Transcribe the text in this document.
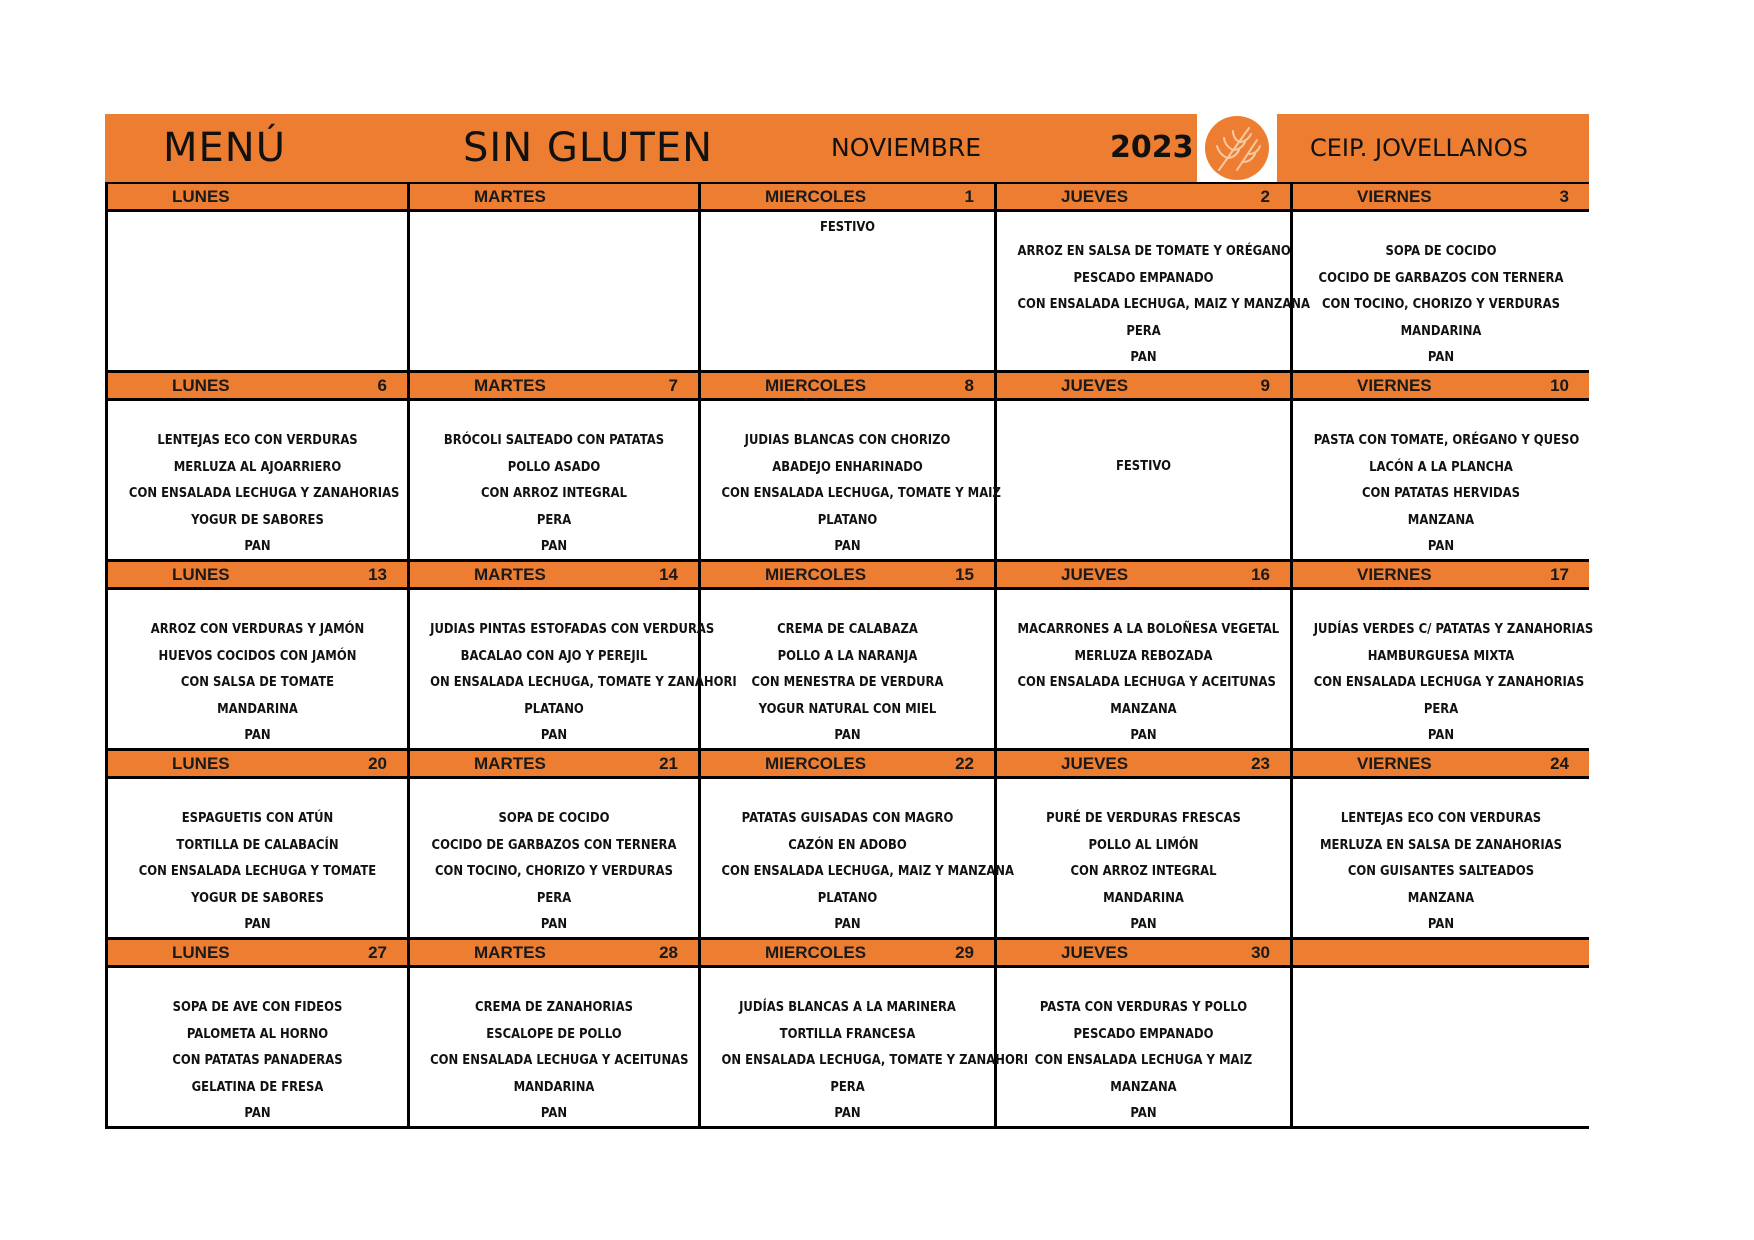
MENÚ	SIN GLUTEN	NOVIEMBRE	2023	CEIP. JOVELLANOS
LUNES	MARTES	MIERCOLES	1
FESTIVO
JUEVES	2
ARROZ EN SALSA DE TOMATE Y ORÉGANO
PESCADO EMPANADO
CON ENSALADA LECHUGA, MAIZ Y MANZANA
PERA
PAN
VIERNES	3
SOPA DE COCIDO
COCIDO DE GARBAZOS CON TERNERA
CON TOCINO, CHORIZO Y VERDURAS
MANDARINA
PAN
LUNES	6
LENTEJAS ECO CON VERDURAS
MERLUZA AL AJOARRIERO
CON ENSALADA LECHUGA Y ZANAHORIAS
YOGUR DE SABORES
PAN
MARTES	7
BRÓCOLI SALTEADO CON PATATAS
POLLO ASADO
CON ARROZ INTEGRAL
PERA
PAN
MIERCOLES	8
JUDIAS BLANCAS CON CHORIZO
ABADEJO ENHARINADO
CON ENSALADA LECHUGA, TOMATE Y MAIZ
PLATANO
PAN
JUEVES	9
FESTIVO
VIERNES	10
PASTA CON TOMATE, ORÉGANO Y QUESO
LACÓN A LA PLANCHA
CON PATATAS HERVIDAS
MANZANA
PAN
LUNES	13
ARROZ CON VERDURAS Y JAMÓN
HUEVOS COCIDOS CON JAMÓN
CON SALSA DE TOMATE
MANDARINA
PAN
MARTES	14
JUDIAS PINTAS ESTOFADAS CON VERDURAS
BACALAO CON AJO Y PEREJIL
ON ENSALADA LECHUGA, TOMATE Y ZANAHORI
PLATANO
PAN
MIERCOLES	15
CREMA DE CALABAZA
POLLO A LA NARANJA
CON MENESTRA DE VERDURA
YOGUR NATURAL CON MIEL
PAN
JUEVES	16
MACARRONES A LA BOLOÑESA VEGETAL
MERLUZA REBOZADA
CON ENSALADA LECHUGA Y ACEITUNAS
MANZANA
PAN
VIERNES	17
JUDÍAS VERDES C/ PATATAS Y ZANAHORIAS
HAMBURGUESA MIXTA
CON ENSALADA LECHUGA Y ZANAHORIAS
PERA
PAN
LUNES	20
ESPAGUETIS CON ATÚN
TORTILLA DE CALABACÍN
CON ENSALADA LECHUGA Y TOMATE
YOGUR DE SABORES
PAN
MARTES	21
SOPA DE COCIDO
COCIDO DE GARBAZOS CON TERNERA
CON TOCINO, CHORIZO Y VERDURAS
PERA
PAN
MIERCOLES	22
PATATAS GUISADAS CON MAGRO
CAZÓN EN ADOBO
CON ENSALADA LECHUGA, MAIZ Y MANZANA
PLATANO
PAN
JUEVES	23
PURÉ DE VERDURAS FRESCAS
POLLO AL LIMÓN
CON ARROZ INTEGRAL
MANDARINA
PAN
VIERNES	24
LENTEJAS ECO CON VERDURAS
MERLUZA EN SALSA DE ZANAHORIAS
CON GUISANTES SALTEADOS
MANZANA
PAN
LUNES	27
SOPA DE AVE CON FIDEOS
PALOMETA AL HORNO
CON PATATAS PANADERAS
GELATINA DE FRESA
PAN
MARTES	28
CREMA DE ZANAHORIAS
ESCALOPE DE POLLO
CON ENSALADA LECHUGA Y ACEITUNAS
MANDARINA
PAN
MIERCOLES	29
JUDÍAS BLANCAS A LA MARINERA
TORTILLA FRANCESA
ON ENSALADA LECHUGA, TOMATE Y ZANAHORI
PERA
PAN
JUEVES	30
PASTA CON VERDURAS Y POLLO
PESCADO EMPANADO
CON ENSALADA LECHUGA Y MAIZ
MANZANA
PAN
